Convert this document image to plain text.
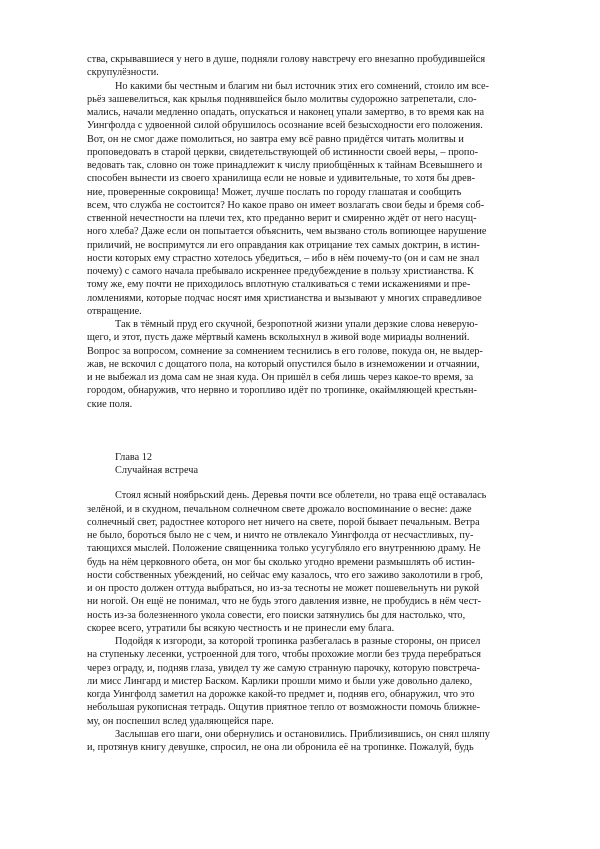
ства, скрывавшиеся у него в душе, подняли голову навстречу его внезапно пробудившейся
скрупулёзности.

Но какими бы честным и благим ни был источник этих его сомнений, стоило им все-
рьёз зашевелиться, как крылья поднявшейся было молитвы судорожно затрепетали, сло-
мались, начали медленно опадать, опускаться и наконец упали замертво, в то время как на
Уингфолда с удвоенной силой обрушилось осознание всей безысходности его положения.
Вот, он не смог даже помолиться, но завтра ему всё равно придётся читать молитвы и
проповедовать в старой церкви, свидетельствующей об истинности своей веры, – пропо-
ведовать так, словно он тоже принадлежит к числу приобщённых к тайнам Всевышнего и
способен вынести из своего хранилища если не новые и удивительные, то хотя бы древ-
ние, проверенные сокровища! Может, лучше послать по городу глашатая и сообщить
всем, что служба не состоится? Но какое право он имеет возлагать свои беды и бремя соб-
ственной нечестности на плечи тех, кто преданно верит и смиренно ждёт от него насущ-
ного хлеба? Даже если он попытается объяснить, чем вызвано столь вопиющее нарушение
приличий, не воспримутся ли его оправдания как отрицание тех самых доктрин, в истин-
ности которых ему страстно хотелось убедиться, – ибо в нём почему-то (он и сам не знал
почему) с самого начала пребывало искреннее предубеждение в пользу христианства. К
тому же, ему почти не приходилось вплотную сталкиваться с теми искажениями и пре-
ломлениями, которые подчас носят имя христианства и вызывают у многих справедливое
отвращение.

Так в тёмный пруд его скучной, безропотной жизни упали дерзкие слова неверую-
щего, и этот, пусть даже мёртвый камень всколыхнул в живой воде мириады волнений.
Вопрос за вопросом, сомнение за сомнением теснились в его голове, покуда он, не выдер-
жав, не вскочил с дощатого пола, на который опустился было в изнеможении и отчаянии,
и не выбежал из дома сам не зная куда. Он пришёл в себя лишь через какое-то время, за
городом, обнаружив, что нервно и торопливо идёт по тропинке, окаймляющей крестьян-
ские поля.

Глава 12

Случайная встреча

Стоял ясный ноябрьский день. Деревья почти все облетели, но трава ещё оставалась
зелёной, и в скудном, печальном солнечном свете дрожало воспоминание о весне: даже
солнечный свет, радостнее которого нет ничего на свете, порой бывает печальным. Ветра
не было, бороться было не с чем, и ничто не отвлекало Уингфолда от несчастливых, пу-
тающихся мыслей. Положение священника только усугубляло его внутреннюю драму. Не
будь на нём церковного обета, он мог бы сколько угодно времени размышлять об истин-
ности собственных убеждений, но сейчас ему казалось, что его заживо заколотили в гроб,
и он просто должен оттуда выбраться, но из-за тесноты не может пошевельнуть ни рукой
ни ногой. Он ещё не понимал, что не будь этого давления извне, не пробудись в нём чест-
ность из-за болезненного укола совести, его поиски затянулись бы для настолько, что,
скорее всего, утратили бы всякую честность и не принесли ему блага.

Подойдя к изгороди, за которой тропинка разбегалась в разные стороны, он присел
на ступеньку лесенки, устроенной для того, чтобы прохожие могли без труда перебраться
через ограду, и, подняв глаза, увидел ту же самую странную парочку, которую повстреча-
ли мисс Лингард и мистер Баском. Карлики прошли мимо и были уже довольно далеко,
когда Уингфолд заметил на дорожке какой-то предмет и, подняв его, обнаружил, что это
небольшая рукописная тетрадь. Ощутив приятное тепло от возможности помочь ближне-
му, он поспешил вслед удаляющейся паре.

Заслышав его шаги, они обернулись и остановились. Приблизившись, он снял шляпу
и, протянув книгу девушке, спросил, не она ли обронила её на тропинке. Пожалуй, будь
